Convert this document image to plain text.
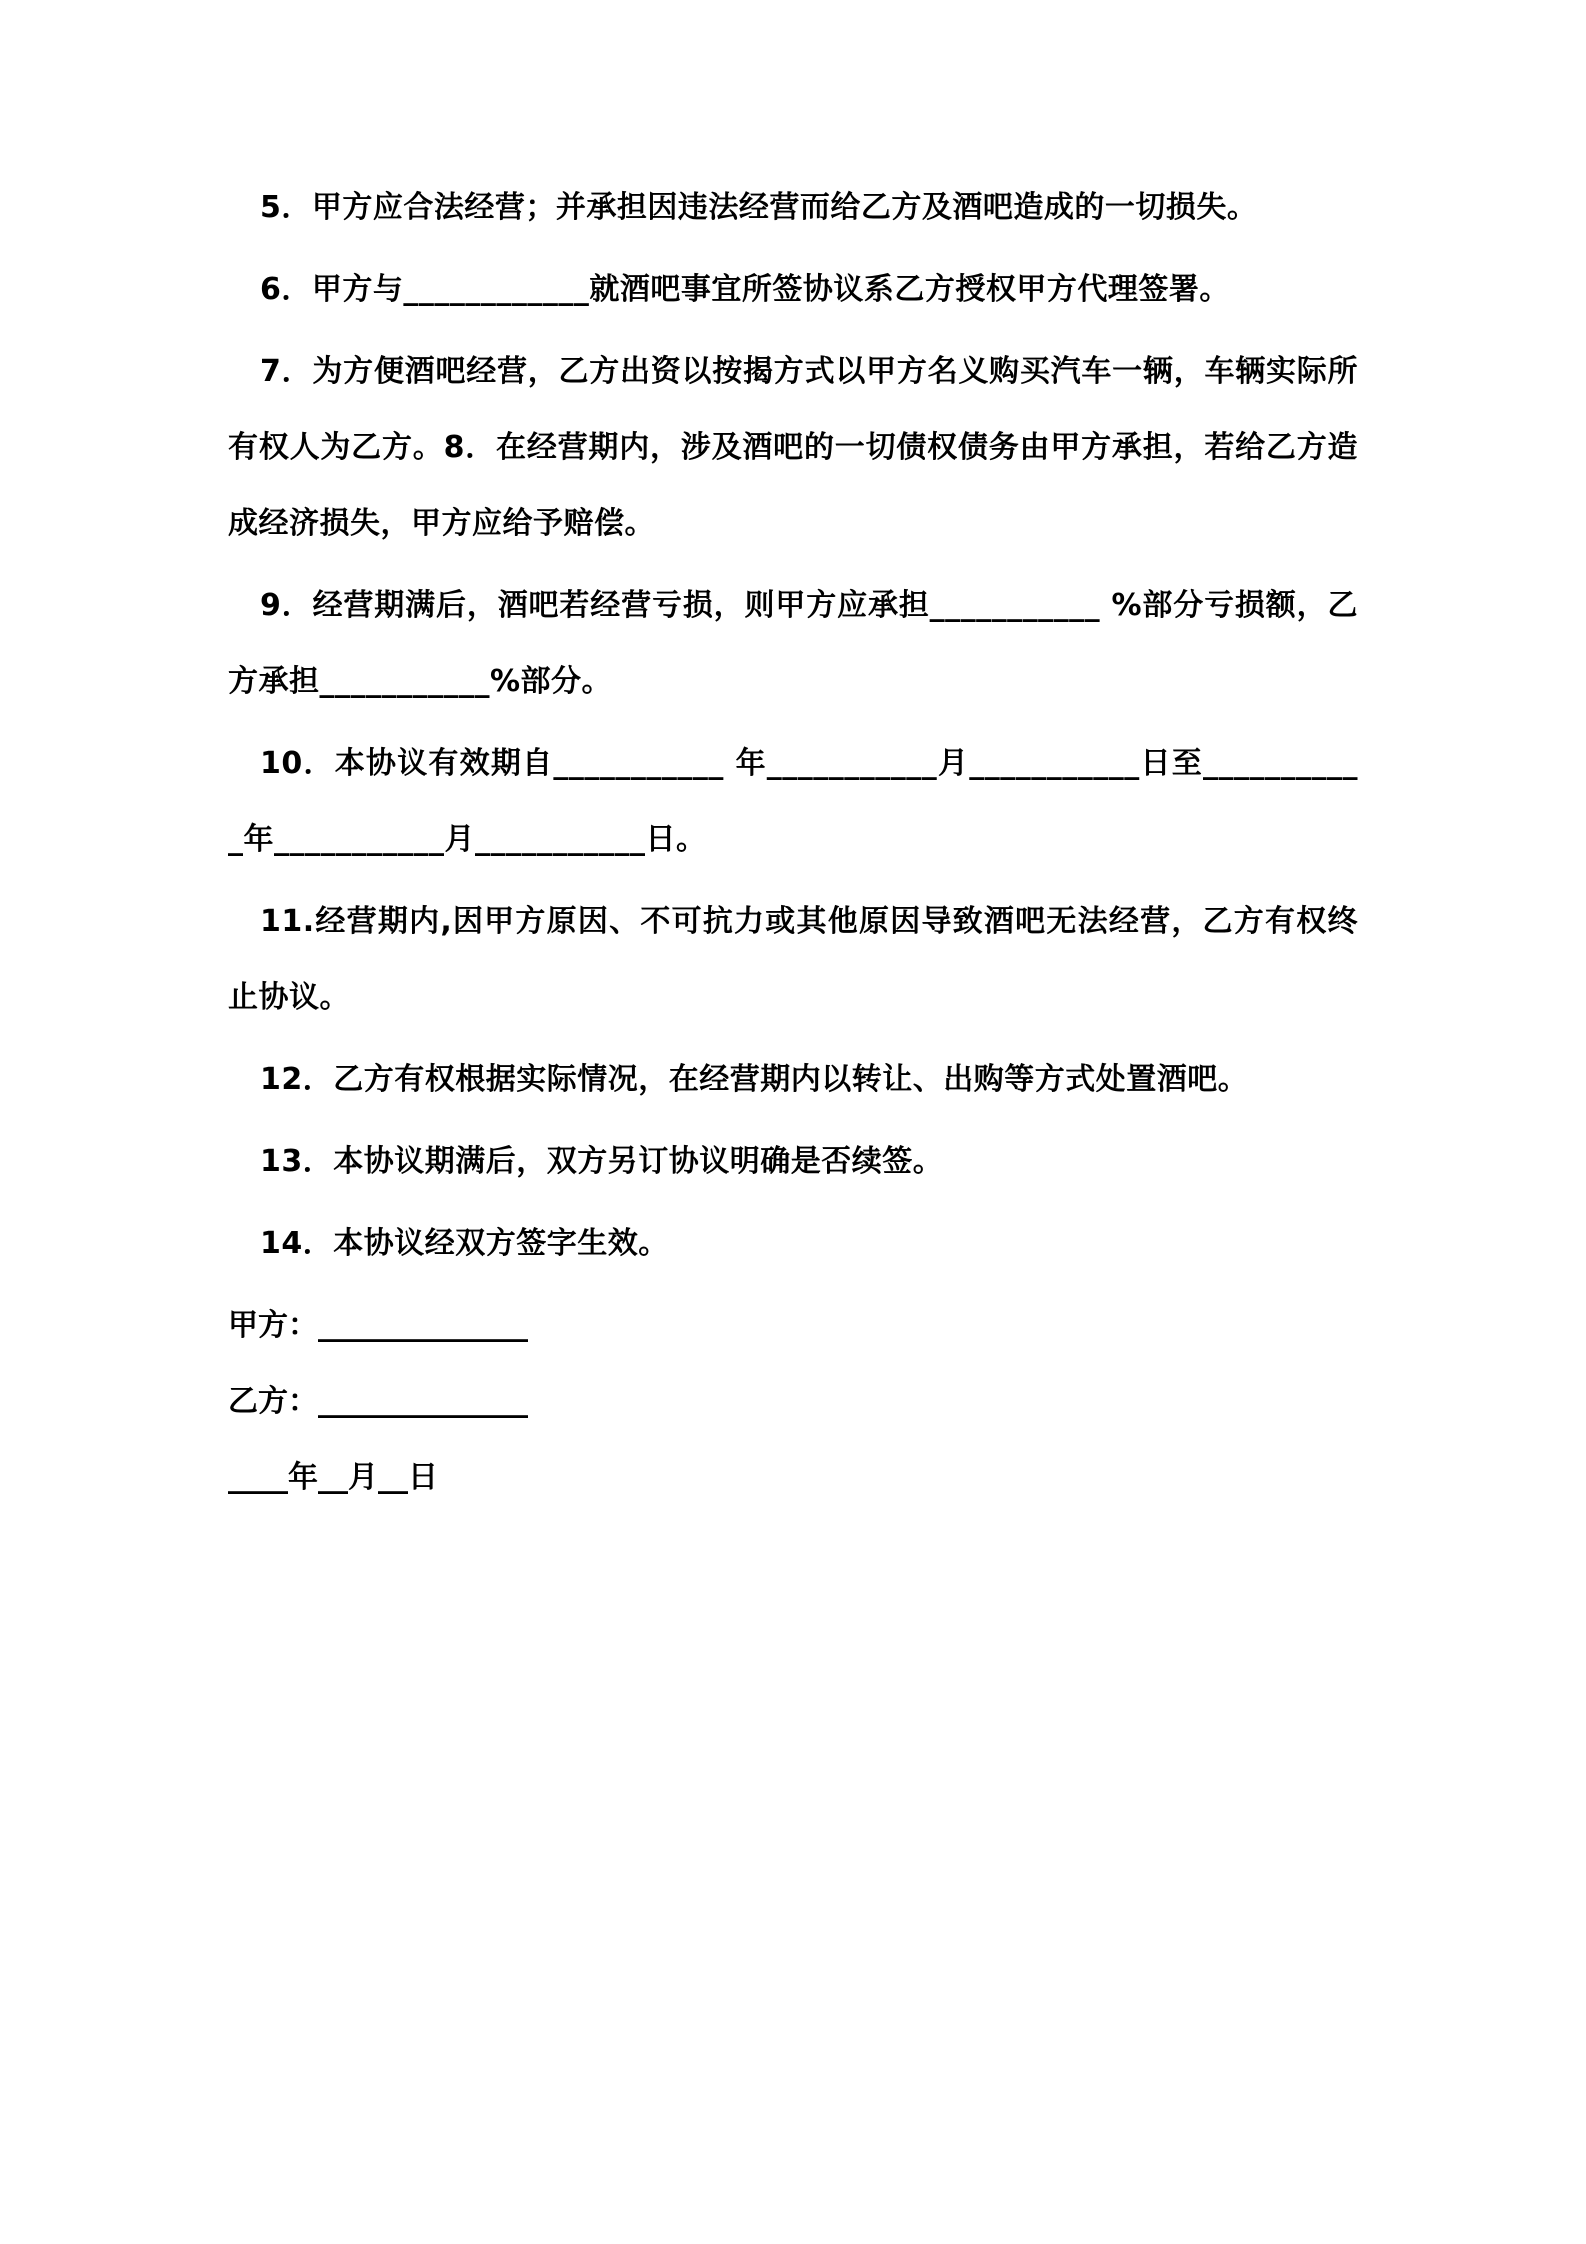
5．甲方应合法经营；并承担因违法经营而给乙方及酒吧造成的一切损失。

6．甲方与____________就酒吧事宜所签协议系乙方授权甲方代理签署。

7．为方便酒吧经营，乙方出资以按揭方式以甲方名义购买汽车一辆，车辆实际所有权人为乙方。8．在经营期内，涉及酒吧的一切债权债务由甲方承担，若给乙方造成经济损失，甲方应给予赔偿。

9．经营期满后，酒吧若经营亏损，则甲方应承担___________ %部分亏损额，乙方承担___________%部分。

10．本协议有效期自___________ 年___________月___________日至___________年___________月___________日。

11.经营期内,因甲方原因、不可抗力或其他原因导致酒吧无法经营，乙方有权终止协议。

12．乙方有权根据实际情况，在经营期内以转让、出购等方式处置酒吧。

13．本协议期满后，双方另订协议明确是否续签。

14．本协议经双方签字生效。

甲方：______________

乙方：______________

____年__月__日
